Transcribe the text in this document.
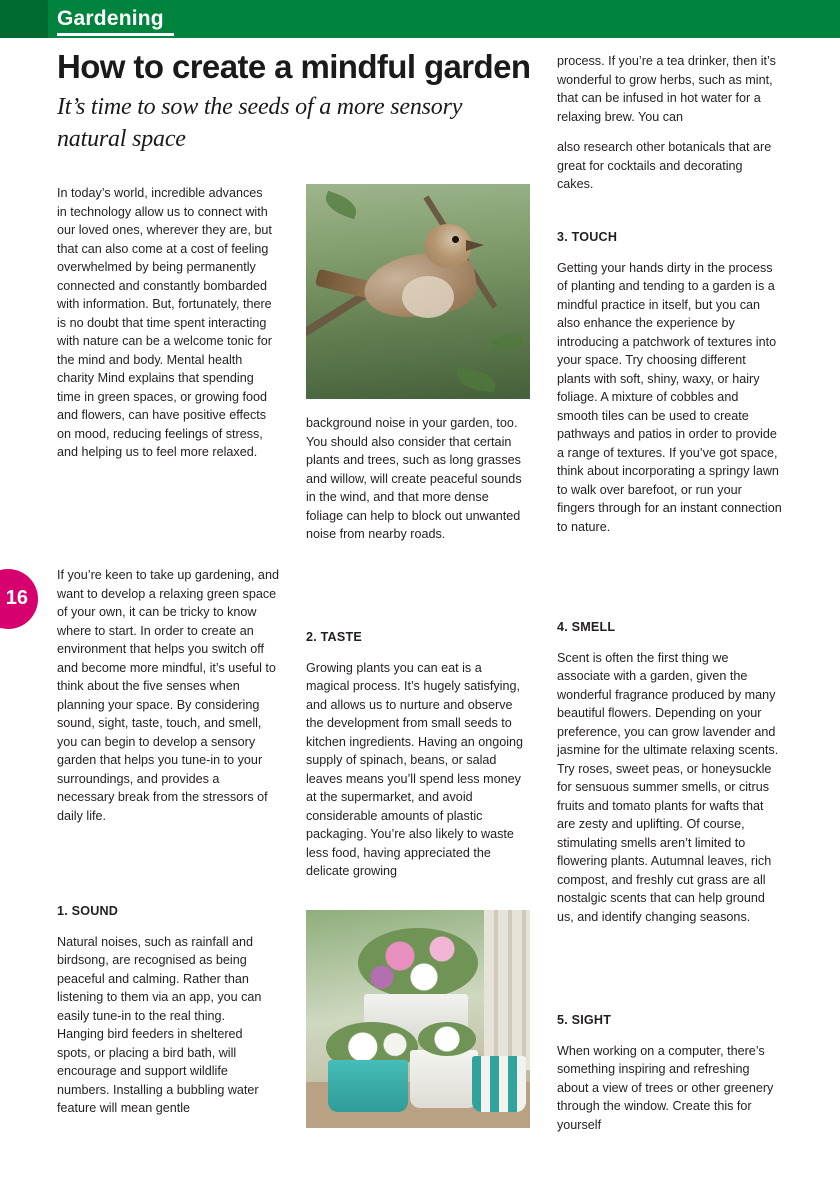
Gardening
16
How to create a mindful garden
It’s time to sow the seeds of a more sensory natural space

In today’s world, incredible advances in technology allow us to connect with our loved ones, wherever they are, but that can also come at a cost of feeling overwhelmed by being permanently connected and constantly bombarded with information. But, fortunately, there is no doubt that time spent interacting with nature can be a welcome tonic for the mind and body. Mental health charity Mind explains that spending time in green spaces, or growing food and flowers, can have positive effects on mood, reducing feelings of stress, and helping us to feel more relaxed.

If you’re keen to take up gardening, and want to develop a relaxing green space of your own, it can be tricky to know where to start. In order to create an environment that helps you switch off and become more mindful, it’s useful to think about the five senses when planning your space. By considering sound, sight, taste, touch, and smell, you can begin to develop a sensory garden that helps you tune-in to your surroundings, and provides a necessary break from the stressors of daily life.

1. SOUND

Natural noises, such as rainfall and birdsong, are recognised as being peaceful and calming. Rather than listening to them via an app, you can easily tune-in to the real thing. Hanging bird feeders in sheltered spots, or placing a bird bath, will encourage and support wildlife numbers. Installing a bubbling water feature will mean gentle

background noise in your garden, too. You should also consider that certain plants and trees, such as long grasses and willow, will create peaceful sounds in the wind, and that more dense foliage can help to block out unwanted noise from nearby roads.

2. TASTE

Growing plants you can eat is a magical process. It’s hugely satisfying, and allows us to nurture and observe the development from small seeds to kitchen ingredients. Having an ongoing supply of spinach, beans, or salad leaves means you’ll spend less money at the supermarket, and avoid considerable amounts of plastic packaging. You’re also likely to waste less food, having appreciated the delicate growing

process. If you’re a tea drinker, then it’s wonderful to grow herbs, such as mint, that can be infused in hot water for a relaxing brew. You can

also research other botanicals that are great for cocktails and decorating cakes.

3. TOUCH

Getting your hands dirty in the process of planting and tending to a garden is a mindful practice in itself, but you can also enhance the experience by introducing a patchwork of textures into your space. Try choosing different plants with soft, shiny, waxy, or hairy foliage. A mixture of cobbles and smooth tiles can be used to create pathways and patios in order to provide a range of textures. If you’ve got space, think about incorporating a springy lawn to walk over barefoot, or run your fingers through for an instant connection to nature.

4. SMELL

Scent is often the first thing we associate with a garden, given the wonderful fragrance produced by many beautiful flowers. Depending on your preference, you can grow lavender and jasmine for the ultimate relaxing scents. Try roses, sweet peas, or honeysuckle for sensuous summer smells, or citrus fruits and tomato plants for wafts that are zesty and uplifting. Of course, stimulating smells aren’t limited to flowering plants. Autumnal leaves, rich compost, and freshly cut grass are all nostalgic scents that can help ground us, and identify changing seasons.

5. SIGHT

When working on a computer, there’s something inspiring and refreshing about a view of trees or other greenery through the window. Create this for yourself
